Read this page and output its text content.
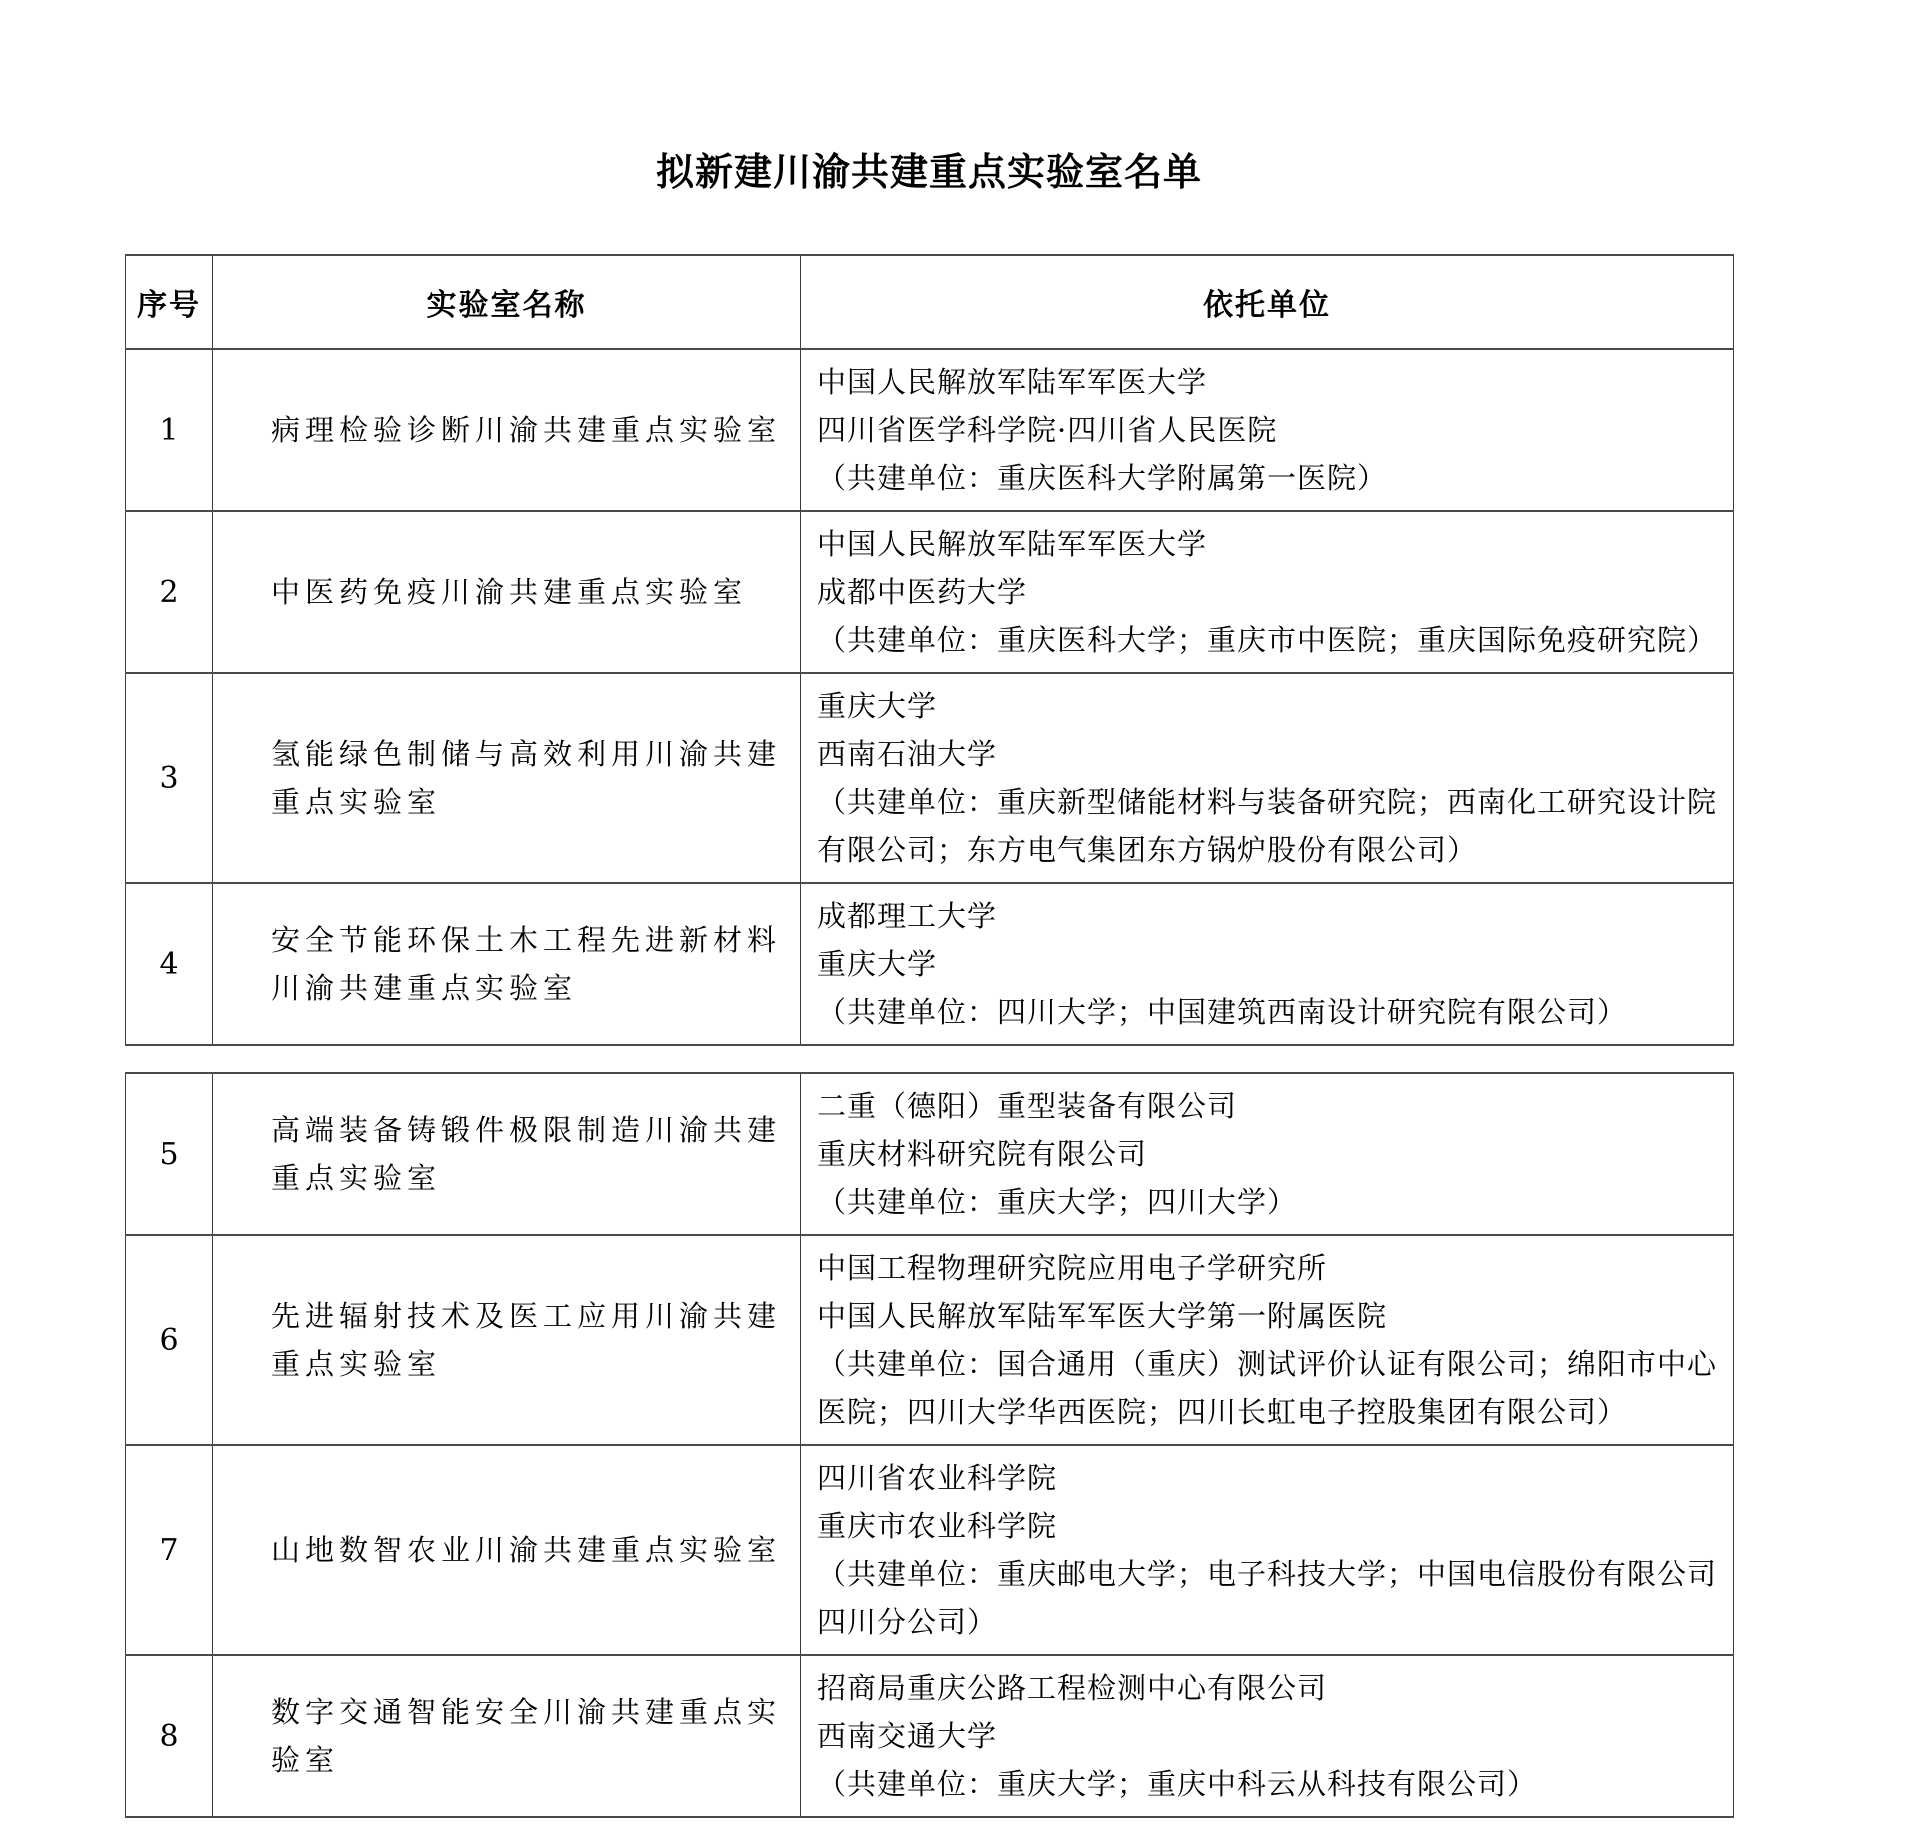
拟新建川渝共建重点实验室名单
序号	实验室名称	依托单位
1	病理检验诊断川渝共建重点实验室	中国人民解放军陆军军医大学
四川省医学科学院·四川省人民医院
（共建单位：重庆医科大学附属第一医院）

2	中医药免疫川渝共建重点实验室	中国人民解放军陆军军医大学
成都中医药大学
（共建单位：重庆医科大学；重庆市中医院；重庆国际免疫研究院）

3	氢能绿色制储与高效利用川渝共建重点实验室	重庆大学
西南石油大学
（共建单位：重庆新型储能材料与装备研究院；西南化工研究设计院有限公司；东方电气集团东方锅炉股份有限公司）

4	安全节能环保土木工程先进新材料川渝共建重点实验室	成都理工大学
重庆大学
（共建单位：四川大学；中国建筑西南设计研究院有限公司）
5	高端装备铸锻件极限制造川渝共建重点实验室	二重（德阳）重型装备有限公司
重庆材料研究院有限公司
（共建单位：重庆大学；四川大学）

6	先进辐射技术及医工应用川渝共建重点实验室	中国工程物理研究院应用电子学研究所
中国人民解放军陆军军医大学第一附属医院
（共建单位：国合通用（重庆）测试评价认证有限公司；绵阳市中心医院；四川大学华西医院；四川长虹电子控股集团有限公司）

7	山地数智农业川渝共建重点实验室	四川省农业科学院
重庆市农业科学院
（共建单位：重庆邮电大学；电子科技大学；中国电信股份有限公司四川分公司）

8	数字交通智能安全川渝共建重点实验室	招商局重庆公路工程检测中心有限公司
西南交通大学
（共建单位：重庆大学；重庆中科云从科技有限公司）
